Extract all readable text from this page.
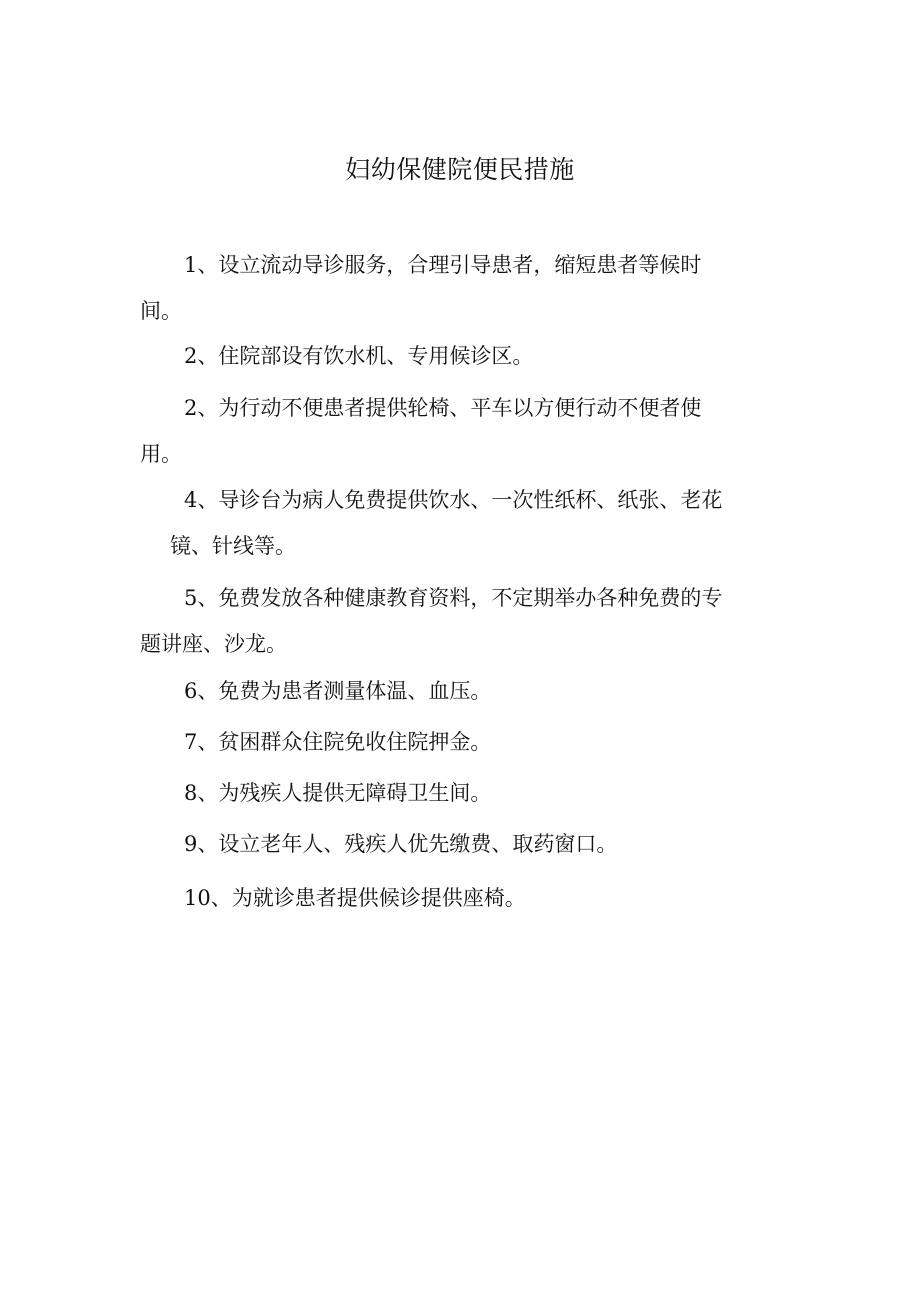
妇幼保健院便民措施
1、设立流动导诊服务，合理引导患者，缩短患者等候时
间。
2、住院部设有饮水机、专用候诊区。
2、为行动不便患者提供轮椅、平车以方便行动不便者使
用。
4、导诊台为病人免费提供饮水、一次性纸杯、纸张、老花
镜、针线等。
5、免费发放各种健康教育资料，不定期举办各种免费的专
题讲座、沙龙。
6、免费为患者测量体温、血压。
7、贫困群众住院免收住院押金。
8、为残疾人提供无障碍卫生间。
9、设立老年人、残疾人优先缴费、取药窗口。
10、为就诊患者提供候诊提供座椅。
